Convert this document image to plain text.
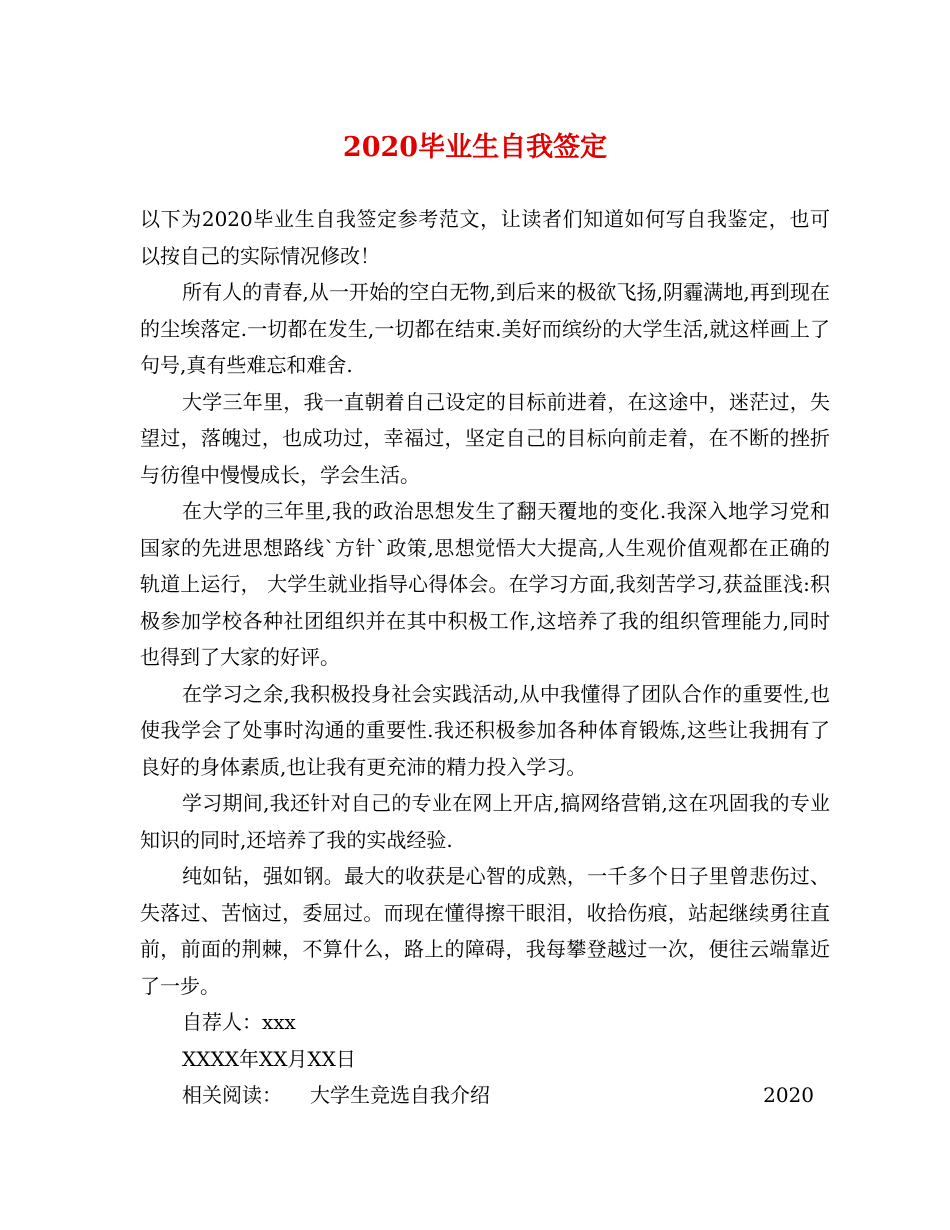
2020毕业生自我签定

以下为2020毕业生自我签定参考范文，让读者们知道如何写自我鉴定，也可以按自己的实际情况修改！

所有人的青春,从一开始的空白无物,到后来的极欲飞扬,阴霾满地,再到现在的尘埃落定.一切都在发生,一切都在结束.美好而缤纷的大学生活,就这样画上了句号,真有些难忘和难舍.

大学三年里，我一直朝着自己设定的目标前进着，在这途中，迷茫过，失望过，落魄过，也成功过，幸福过，坚定自己的目标向前走着，在不断的挫折与彷徨中慢慢成长，学会生活。

在大学的三年里,我的政治思想发生了翻天覆地的变化.我深入地学习党和国家的先进思想路线`方针`政策,思想觉悟大大提高,人生观价值观都在正确的轨道上运行， 大学生就业指导心得体会。在学习方面,我刻苦学习,获益匪浅:积极参加学校各种社团组织并在其中积极工作,这培养了我的组织管理能力,同时也得到了大家的好评。

在学习之余,我积极投身社会实践活动,从中我懂得了团队合作的重要性,也使我学会了处事时沟通的重要性.我还积极参加各种体育锻炼,这些让我拥有了良好的身体素质,也让我有更充沛的精力投入学习。

学习期间,我还针对自己的专业在网上开店,搞网络营销,这在巩固我的专业知识的同时,还培养了我的实战经验.

纯如钻，强如钢。最大的收获是心智的成熟，一千多个日子里曾悲伤过、失落过、苦恼过，委屈过。而现在懂得擦干眼泪，收拾伤痕，站起继续勇往直前，前面的荆棘，不算什么，路上的障碍，我每攀登越过一次，便往云端靠近了一步。

自荐人：xxx

XXXX年XX月XX日

相关阅读： 大学生竞选自我介绍	2020
